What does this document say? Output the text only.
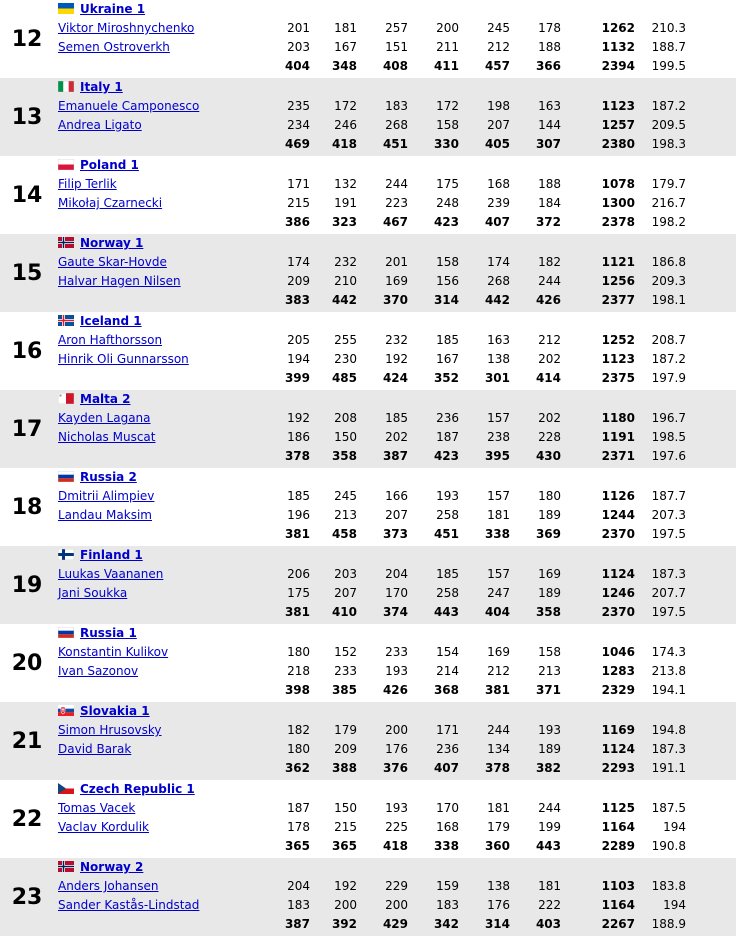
12	Ukraine 1									
	Viktor Miroshnychenko	201	181	257	200	245	178	1262	210.3	
	Semen Ostroverkh	203	167	151	211	212	188	1132	188.7	
		404	348	408	411	457	366	2394	199.5	
13	Italy 1									
	Emanuele Camponesco	235	172	183	172	198	163	1123	187.2	
	Andrea Ligato	234	246	268	158	207	144	1257	209.5	
		469	418	451	330	405	307	2380	198.3	
14	Poland 1									
	Filip Terlik	171	132	244	175	168	188	1078	179.7	
	Mikołaj Czarnecki	215	191	223	248	239	184	1300	216.7	
		386	323	467	423	407	372	2378	198.2	
15	Norway 1									
	Gaute Skar-Hovde	174	232	201	158	174	182	1121	186.8	
	Halvar Hagen Nilsen	209	210	169	156	268	244	1256	209.3	
		383	442	370	314	442	426	2377	198.1	
16	Iceland 1									
	Aron Hafthorsson	205	255	232	185	163	212	1252	208.7	
	Hinrik Oli Gunnarsson	194	230	192	167	138	202	1123	187.2	
		399	485	424	352	301	414	2375	197.9	
17	Malta 2									
	Kayden Lagana	192	208	185	236	157	202	1180	196.7	
	Nicholas Muscat	186	150	202	187	238	228	1191	198.5	
		378	358	387	423	395	430	2371	197.6	
18	Russia 2									
	Dmitrii Alimpiev	185	245	166	193	157	180	1126	187.7	
	Landau Maksim	196	213	207	258	181	189	1244	207.3	
		381	458	373	451	338	369	2370	197.5	
19	Finland 1									
	Luukas Vaananen	206	203	204	185	157	169	1124	187.3	
	Jani Soukka	175	207	170	258	247	189	1246	207.7	
		381	410	374	443	404	358	2370	197.5	
20	Russia 1									
	Konstantin Kulikov	180	152	233	154	169	158	1046	174.3	
	Ivan Sazonov	218	233	193	214	212	213	1283	213.8	
		398	385	426	368	381	371	2329	194.1	
21	Slovakia 1									
	Simon Hrusovsky	182	179	200	171	244	193	1169	194.8	
	David Barak	180	209	176	236	134	189	1124	187.3	
		362	388	376	407	378	382	2293	191.1	
22	Czech Republic 1									
	Tomas Vacek	187	150	193	170	181	244	1125	187.5	
	Vaclav Kordulik	178	215	225	168	179	199	1164	194	
		365	365	418	338	360	443	2289	190.8	
23	Norway 2									
	Anders Johansen	204	192	229	159	138	181	1103	183.8	
	Sander Kastås-Lindstad	183	200	200	183	176	222	1164	194	
		387	392	429	342	314	403	2267	188.9	
